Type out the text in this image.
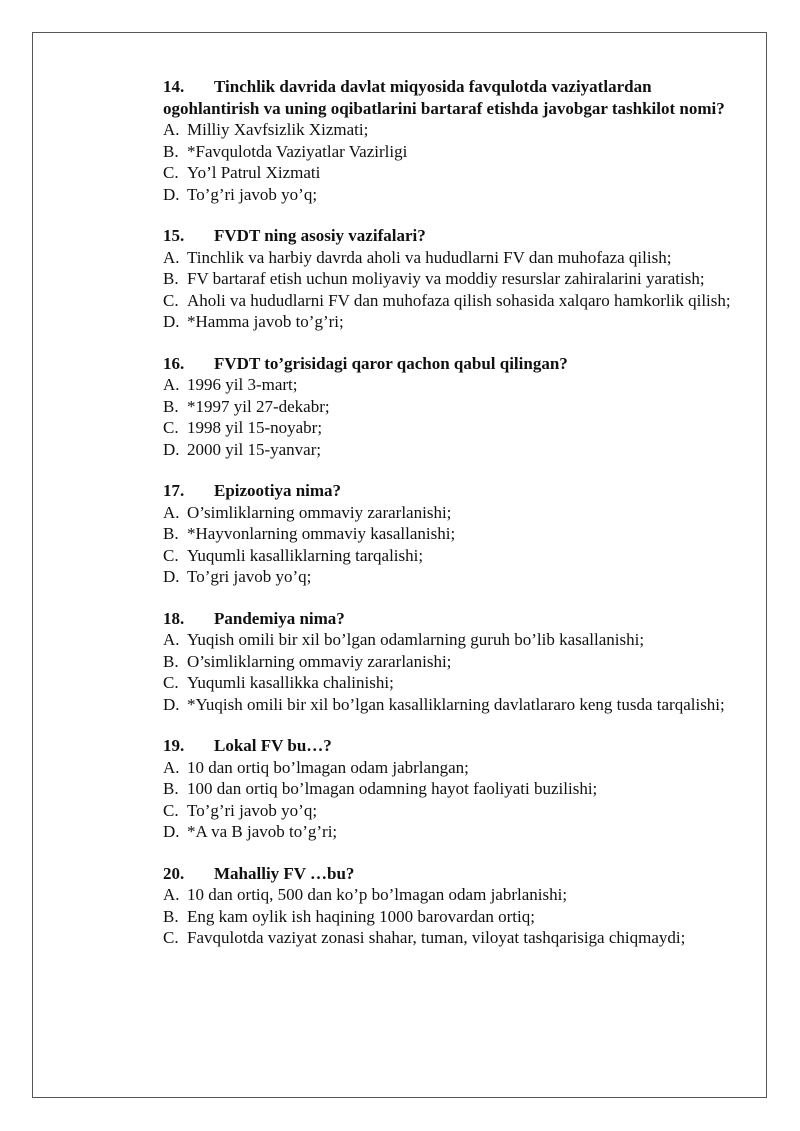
14. Tinchlik davrida davlat miqyosida favqulotda vaziyatlardan ogohlantirish va uning oqibatlarini bartaraf etishda javobgar tashkilot nomi?

A. Milliy Xavfsizlik Xizmati;
B. *Favqulotda Vaziyatlar Vazirligi
C. Yo’l Patrul Xizmati
D. To’g’ri javob yo’q;

15. FVDT ning asosiy vazifalari?

A. Tinchlik va harbiy davrda aholi va hududlarni FV dan muhofaza qilish;
B. FV bartaraf etish uchun moliyaviy va moddiy resurslar zahiralarini yaratish;
C. Aholi va hududlarni FV dan muhofaza qilish sohasida xalqaro hamkorlik qilish;
D. *Hamma javob to’g’ri;

16. FVDT to’grisidagi qaror qachon qabul qilingan?

A. 1996 yil 3-mart;
B. *1997 yil 27-dekabr;
C. 1998 yil 15-noyabr;
D. 2000 yil 15-yanvar;

17. Epizootiya nima?

A. O’simliklarning ommaviy zararlanishi;
B. *Hayvonlarning ommaviy kasallanishi;
C. Yuqumli kasalliklarning tarqalishi;
D. To’gri javob yo’q;

18. Pandemiya nima?

A. Yuqish omili bir xil bo’lgan odamlarning guruh bo’lib kasallanishi;
B. O’simliklarning ommaviy zararlanishi;
C. Yuqumli kasallikka chalinishi;
D. *Yuqish omili bir xil bo’lgan kasalliklarning davlatlararo keng tusda tarqalishi;

19. Lokal FV bu…?

A. 10 dan ortiq bo’lmagan odam jabrlangan;
B. 100 dan ortiq bo’lmagan odamning hayot faoliyati buzilishi;
C. To’g’ri javob yo’q;
D. *A va B javob to’g’ri;

20. Mahalliy FV …bu?

A. 10 dan ortiq, 500 dan ko’p bo’lmagan odam jabrlanishi;
B. Eng kam oylik ish haqining 1000 barovardan ortiq;
C. Favqulotda vaziyat zonasi shahar, tuman, viloyat tashqarisiga chiqmaydi;
